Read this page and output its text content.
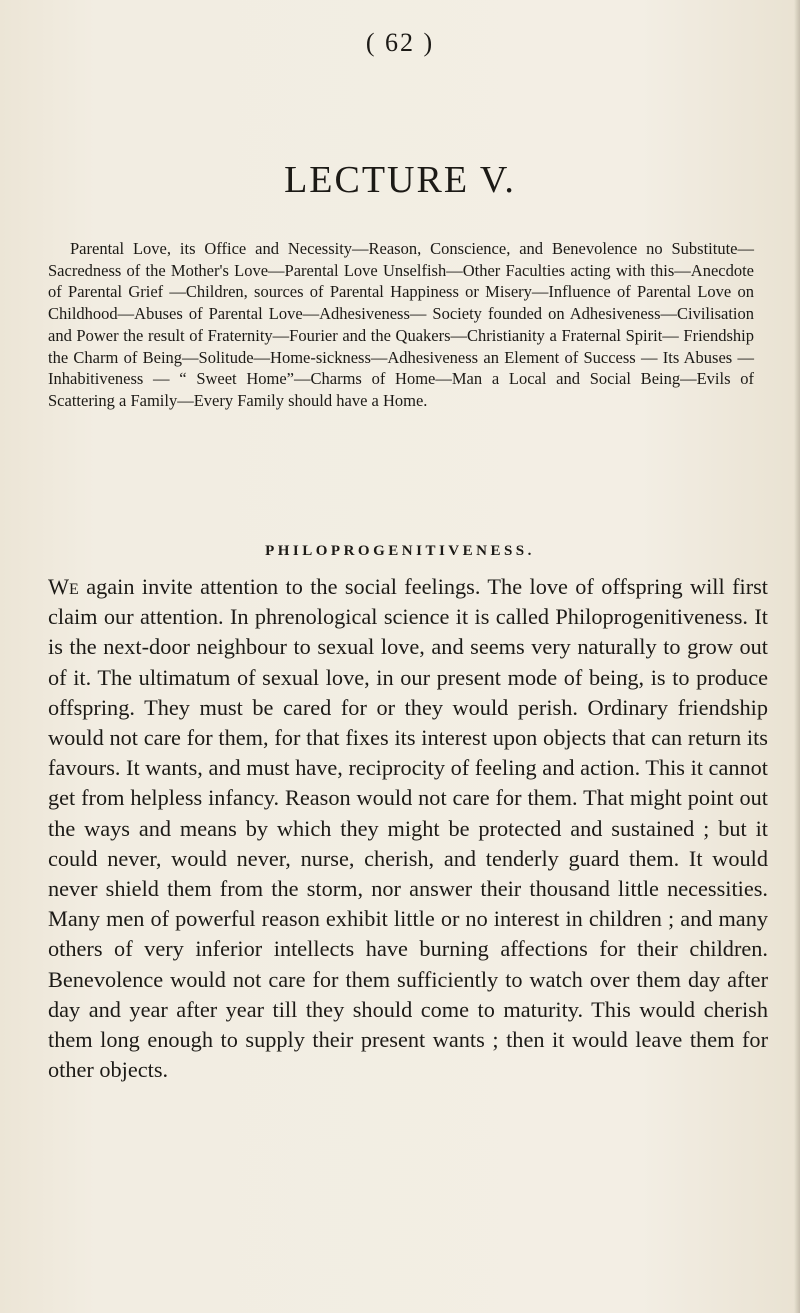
( 62 )
LECTURE V.

Parental Love, its Office and Necessity—Reason, Conscience, and Benevolence no Substitute—Sacredness of the Mother's Love—Parental Love Unselfish—Other Faculties acting with this—Anecdote of Parental Grief —Children, sources of Parental Happiness or Misery—Influence of Parental Love on Childhood—Abuses of Parental Love—Adhesiveness— Society founded on Adhesiveness—Civilisation and Power the result of Fraternity—Fourier and the Quakers—Christianity a Fraternal Spirit— Friendship the Charm of Being—Solitude—Home-sickness—Adhesiveness an Element of Success — Its Abuses — Inhabitiveness — “ Sweet Home”—Charms of Home—Man a Local and Social Being—Evils of Scattering a Family—Every Family should have a Home.

PHILOPROGENITIVENESS.

We again invite attention to the social feelings. The love of offspring will first claim our attention. In phrenological science it is called Philoprogenitiveness. It is the next-door neighbour to sexual love, and seems very naturally to grow out of it. The ultimatum of sexual love, in our present mode of being, is to produce offspring. They must be cared for or they would perish. Ordinary friendship would not care for them, for that fixes its interest upon objects that can return its favours. It wants, and must have, reciprocity of feeling and action. This it cannot get from helpless infancy. Reason would not care for them. That might point out the ways and means by which they might be protected and sustained ; but it could never, would never, nurse, cherish, and tenderly guard them. It would never shield them from the storm, nor answer their thousand little necessities. Many men of powerful reason exhibit little or no interest in children ; and many others of very inferior intellects have burning affections for their children. Benevolence would not care for them sufficiently to watch over them day after day and year after year till they should come to maturity. This would cherish them long enough to supply their present wants ; then it would leave them for other objects.
